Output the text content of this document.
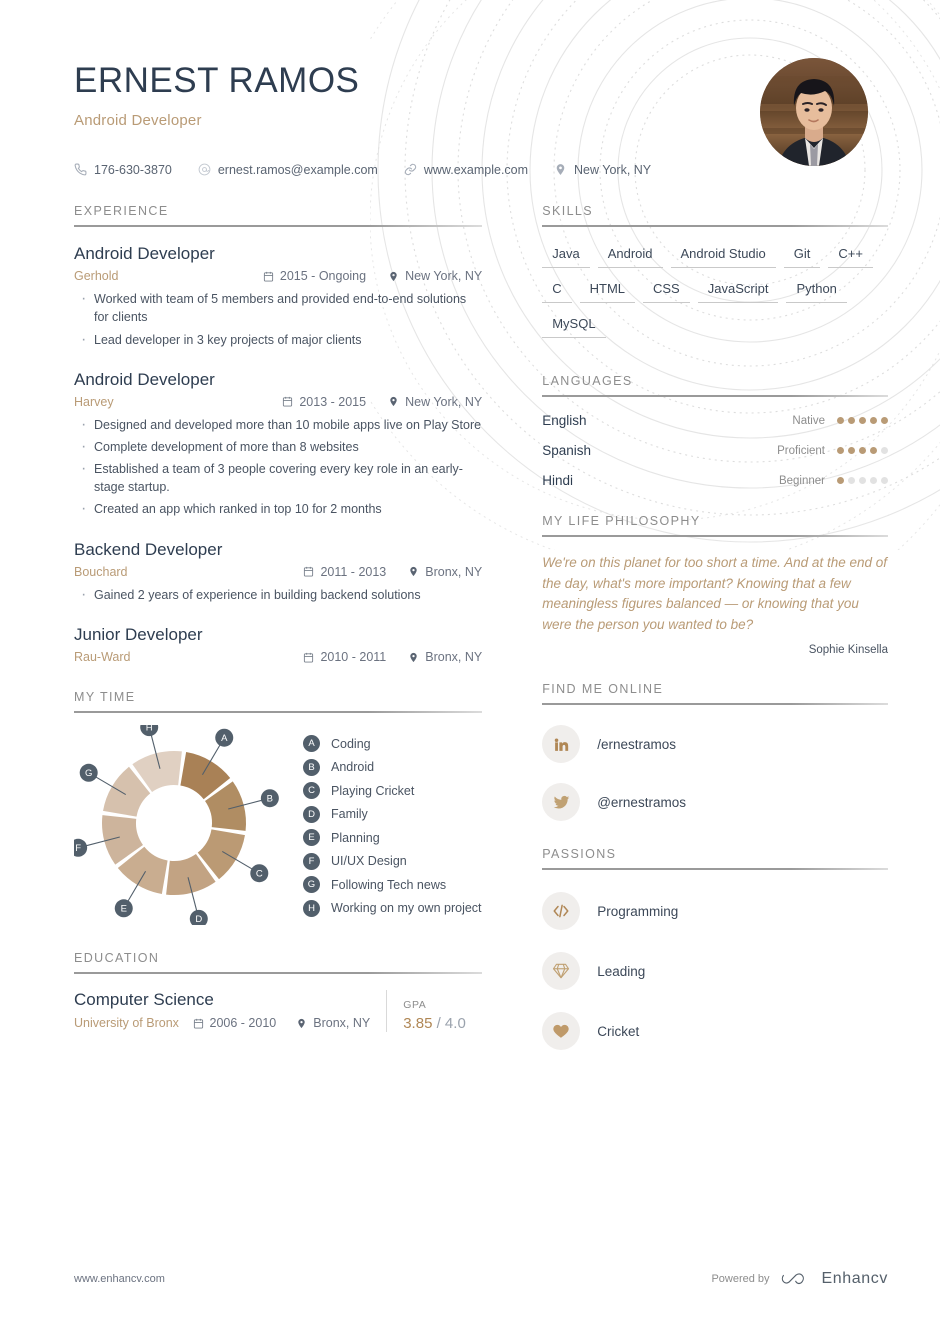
ERNEST RAMOS
Android Developer
176-630-3870	ernest.ramos@example.com	www.example.com	New York, NY
EXPERIENCE
Android Developer
Gerhold	2015 - Ongoing	New York, NY
· Worked with team of 5 members and provided end-to-end solutions for clients
· Lead developer in 3 key projects of major clients
Android Developer
Harvey	2013 - 2015	New York, NY
· Designed and developed more than 10 mobile apps live on Play Store
· Complete development of more than 8 websites
· Established a team of 3 people covering every key role in an early-stage startup.
· Created an app which ranked in top 10 for 2 months
Backend Developer
Bouchard	2011 - 2013	Bronx, NY
· Gained 2 years of experience in building backend solutions
Junior Developer
Rau-Ward	2010 - 2011	Bronx, NY
MY TIME
A
B
C
D
E
F
G
H
A	Coding
B	Android
C	Playing Cricket
D	Family
E	Planning
F	UI/UX Design
G	Following Tech news
H	Working on my own project
EDUCATION
Computer Science
University of Bronx 2006 - 2010	Bronx, NY
GPA
3.85 / 4.0
SKILLS
Java	Android	Android Studio	Git	C++
C	HTML	CSS	JavaScript	Python
MySQL
LANGUAGES
English	Native
Spanish	Proficient
Hindi	Beginner
MY LIFE PHILOSOPHY
We're on this planet for too short a time. And at the end of the day, what's more important? Knowing that a few meaningless figures balanced — or knowing that you were the person you wanted to be?
Sophie Kinsella
FIND ME ONLINE
/ernestramos
@ernestramos
PASSIONS
Programming
Leading
Cricket
www.enhancv.com	Powered by	Enhancv
